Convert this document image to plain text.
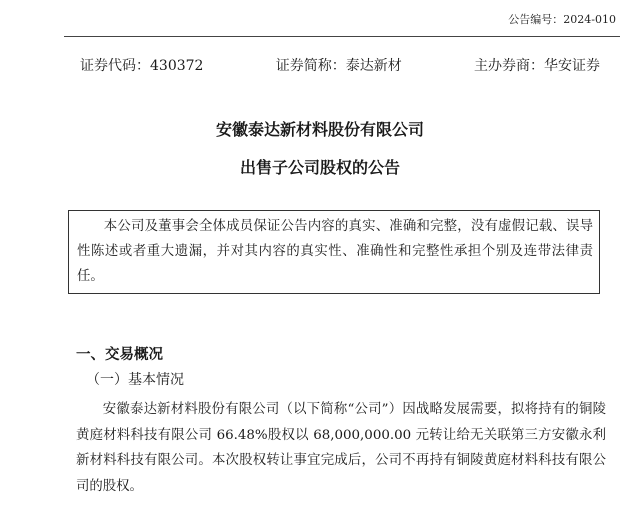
公告编号：2024-010
证券代码：430372	证券简称：泰达新材	主办券商：华安证券
安徽泰达新材料股份有限公司
出售子公司股权的公告
本公司及董事会全体成员保证公告内容的真实、准确和完整，没有虚假记载、误导性陈述或者重大遗漏，并对其内容的真实性、准确性和完整性承担个别及连带法律责任。
一、交易概况
（一）基本情况
安徽泰达新材料股份有限公司（以下简称“公司”）因战略发展需要，拟将持有的铜陵黄庭材料科技有限公司 66.48%股权以 68,000,000.00 元转让给无关联第三方安徽永利新材料科技有限公司。本次股权转让事宜完成后，公司不再持有铜陵黄庭材料科技有限公司的股权。
